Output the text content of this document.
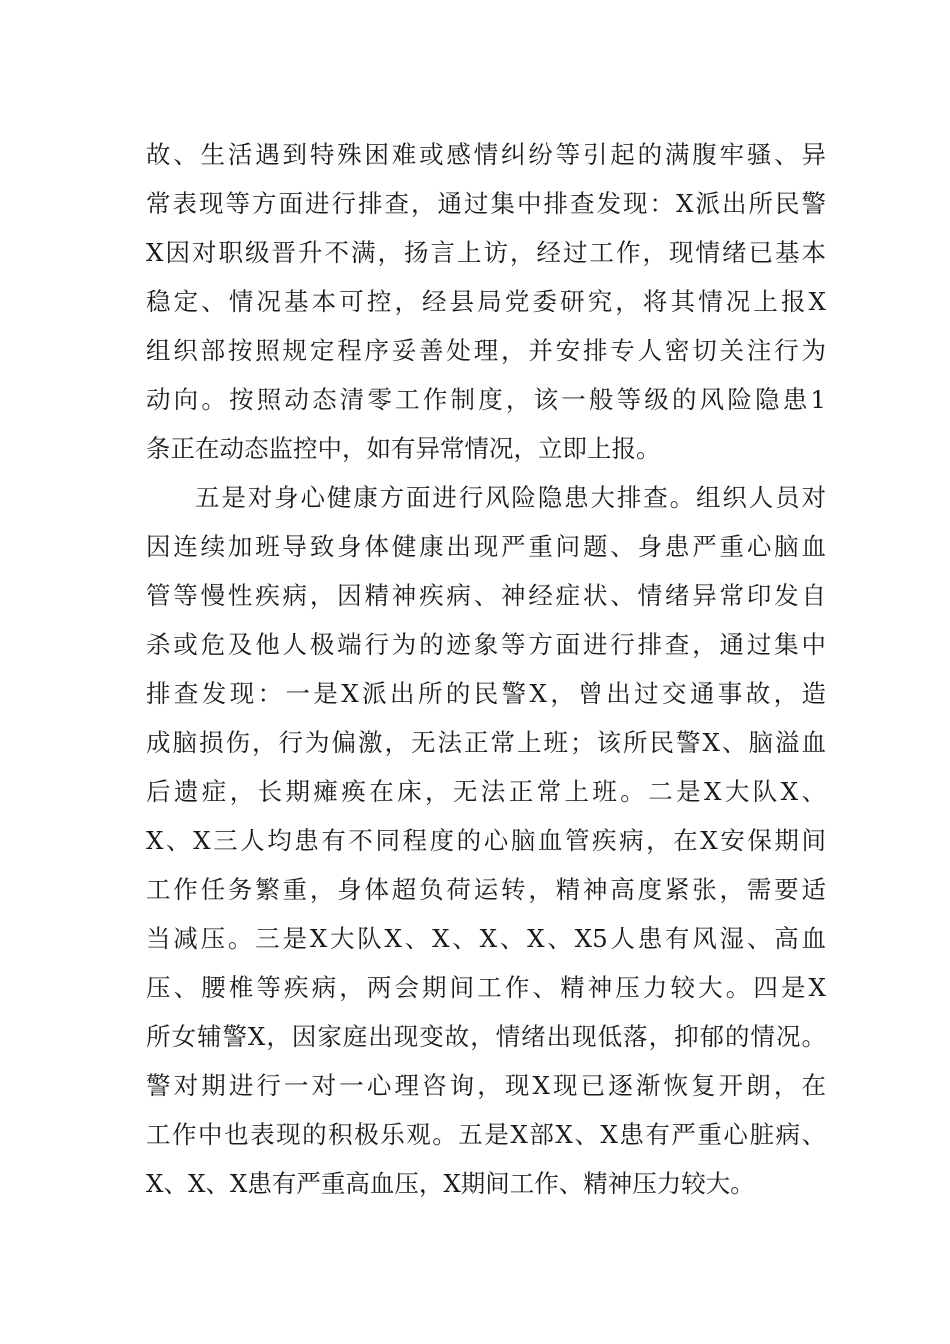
故、生活遇到特殊困难或感情纠纷等引起的满腹牢骚、异
常表现等方面进行排查，通过集中排查发现：X派出所民警
X因对职级晋升不满，扬言上访，经过工作，现情绪已基本
稳定、情况基本可控，经县局党委研究，将其情况上报X
组织部按照规定程序妥善处理，并安排专人密切关注行为
动向。按照动态清零工作制度，该一般等级的风险隐患1
条正在动态监控中，如有异常情况，立即上报。
五是对身心健康方面进行风险隐患大排查。组织人员对
因连续加班导致身体健康出现严重问题、身患严重心脑血
管等慢性疾病，因精神疾病、神经症状、情绪异常印发自
杀或危及他人极端行为的迹象等方面进行排查，通过集中
排查发现：一是X派出所的民警X，曾出过交通事故，造
成脑损伤，行为偏激，无法正常上班；该所民警X、脑溢血
后遗症，长期瘫痪在床，无法正常上班。二是X大队X、
X、X三人均患有不同程度的心脑血管疾病，在X安保期间
工作任务繁重，身体超负荷运转，精神高度紧张，需要适
当减压。三是X大队X、X、X、X、X5人患有风湿、高血
压、腰椎等疾病，两会期间工作、精神压力较大。四是X
所女辅警X，因家庭出现变故，情绪出现低落，抑郁的情况。
警对期进行一对一心理咨询，现X现已逐渐恢复开朗，在
工作中也表现的积极乐观。五是X部X、X患有严重心脏病、
X、X、X患有严重高血压，X期间工作、精神压力较大。
